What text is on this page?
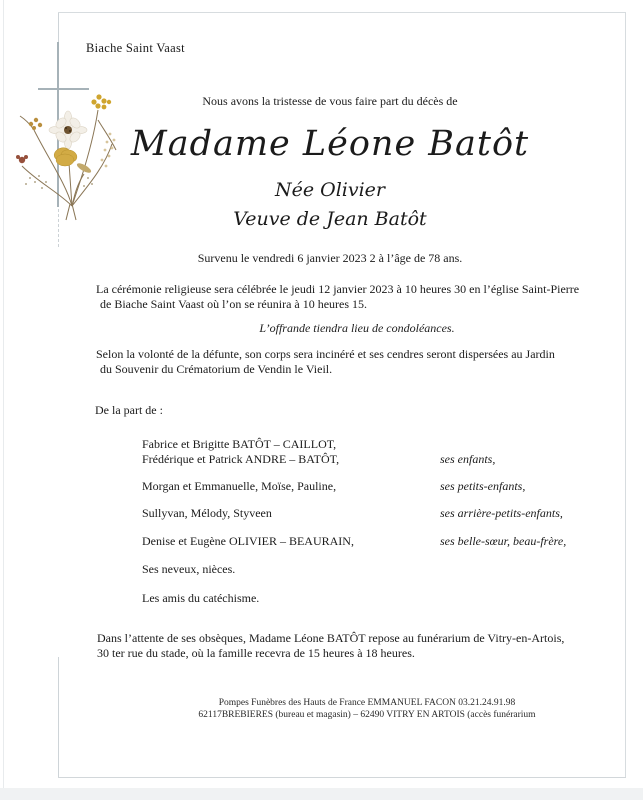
Biache Saint Vaast
Nous avons la tristesse de vous faire part du décès de
Madame Léone Batôt
Née Olivier
Veuve de Jean Batôt
Survenu le vendredi 6 janvier 2023 2 à l’âge de 78 ans.
La cérémonie religieuse sera célébrée le jeudi 12 janvier 2023 à 10 heures 30 en l’église Saint-Pierre
de Biache Saint Vaast où l’on se réunira à 10 heures 15.
L’offrande tiendra lieu de condoléances.
Selon la volonté de la défunte, son corps sera incinéré et ses cendres seront dispersées au Jardin
du Souvenir du Crématorium de Vendin le Vieil.
De la part de :
Fabrice et Brigitte BATÔT – CAILLOT,
Frédérique et Patrick ANDRE – BATÔT,	ses enfants,
Morgan et Emmanuelle, Moïse, Pauline,	ses petits-enfants,
Sullyvan, Mélody, Styveen	ses arrière-petits-enfants,
Denise et Eugène OLIVIER – BEAURAIN,	ses belle-sœur, beau-frère,
Ses neveux, nièces.
Les amis du catéchisme.
Dans l’attente de ses obsèques, Madame Léone BATÔT repose au funérarium de Vitry-en-Artois,
30 ter rue du stade, où la famille recevra de 15 heures à 18 heures.
Pompes Funèbres des Hauts de France EMMANUEL FACON 03.21.24.91.98
62117BREBIERES (bureau et magasin) – 62490 VITRY EN ARTOIS (accès funérarium
